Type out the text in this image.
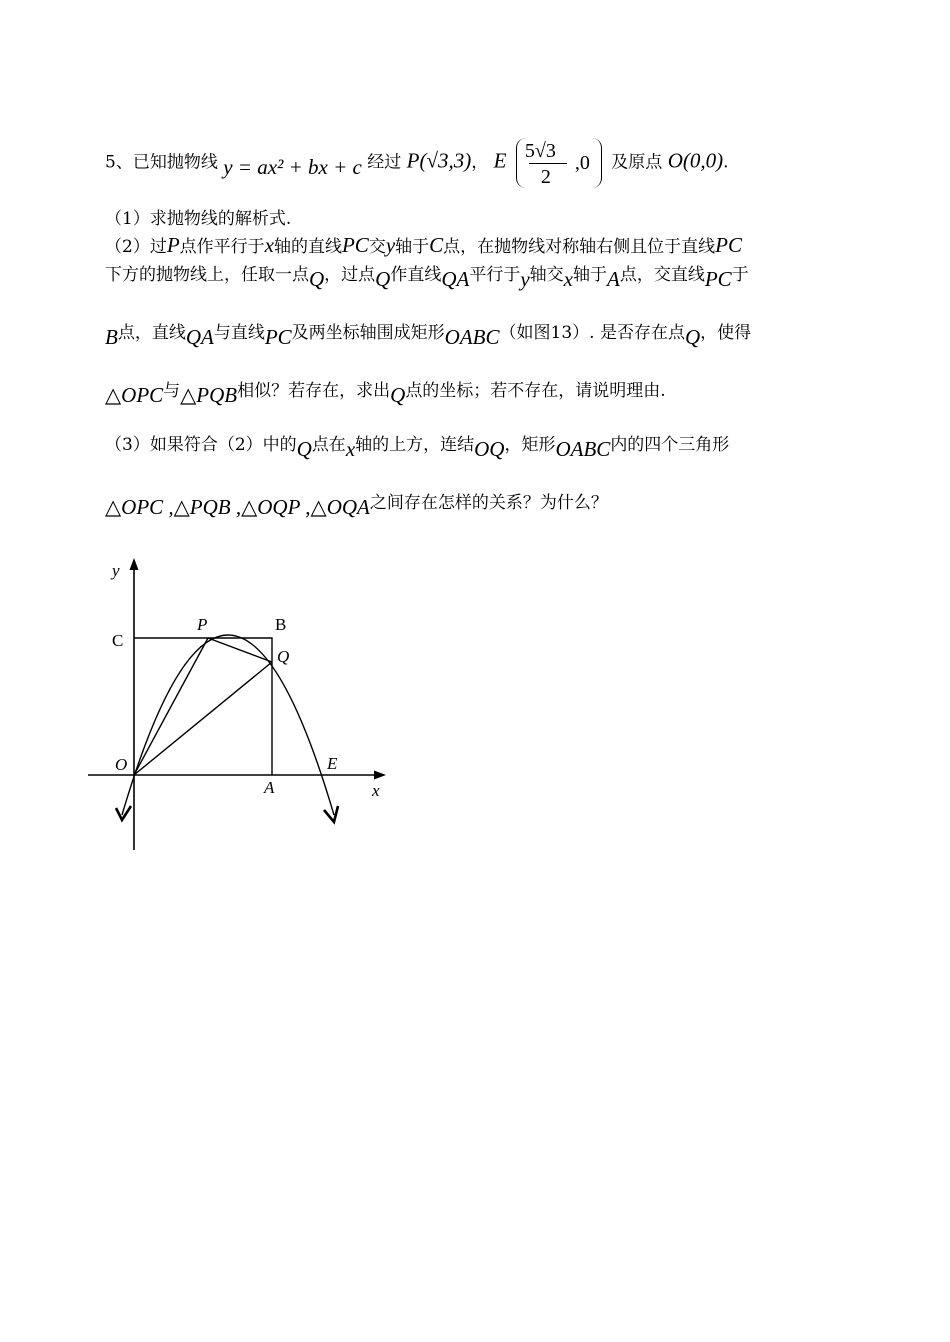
5、已知抛物线 y = ax² + bx + c 经过 P(√3,3)， E 5√3
2
,0 及原点 O(0,0).
（1）求抛物线的解析式.
（2）过P点作平行于x轴的直线PC交y轴于C点，在抛物线对称轴右侧且位于直线PC
下方的抛物线上，任取一点Q，过点Q作直线QA平行于y轴交x轴于A点，交直线PC于
B点，直线QA与直线PC及两坐标轴围成矩形OABC（如图13）. 是否存在点Q，使得
△OPC与△PQB相似？若存在，求出Q点的坐标；若不存在，请说明理由.
（3）如果符合（2）中的Q点在x轴的上方，连结OQ，矩形OABC内的四个三角形
△OPC ,△PQB ,△OQP ,△OQA之间存在怎样的关系？为什么？
y
x
C
P	B
Q
O	E
A
